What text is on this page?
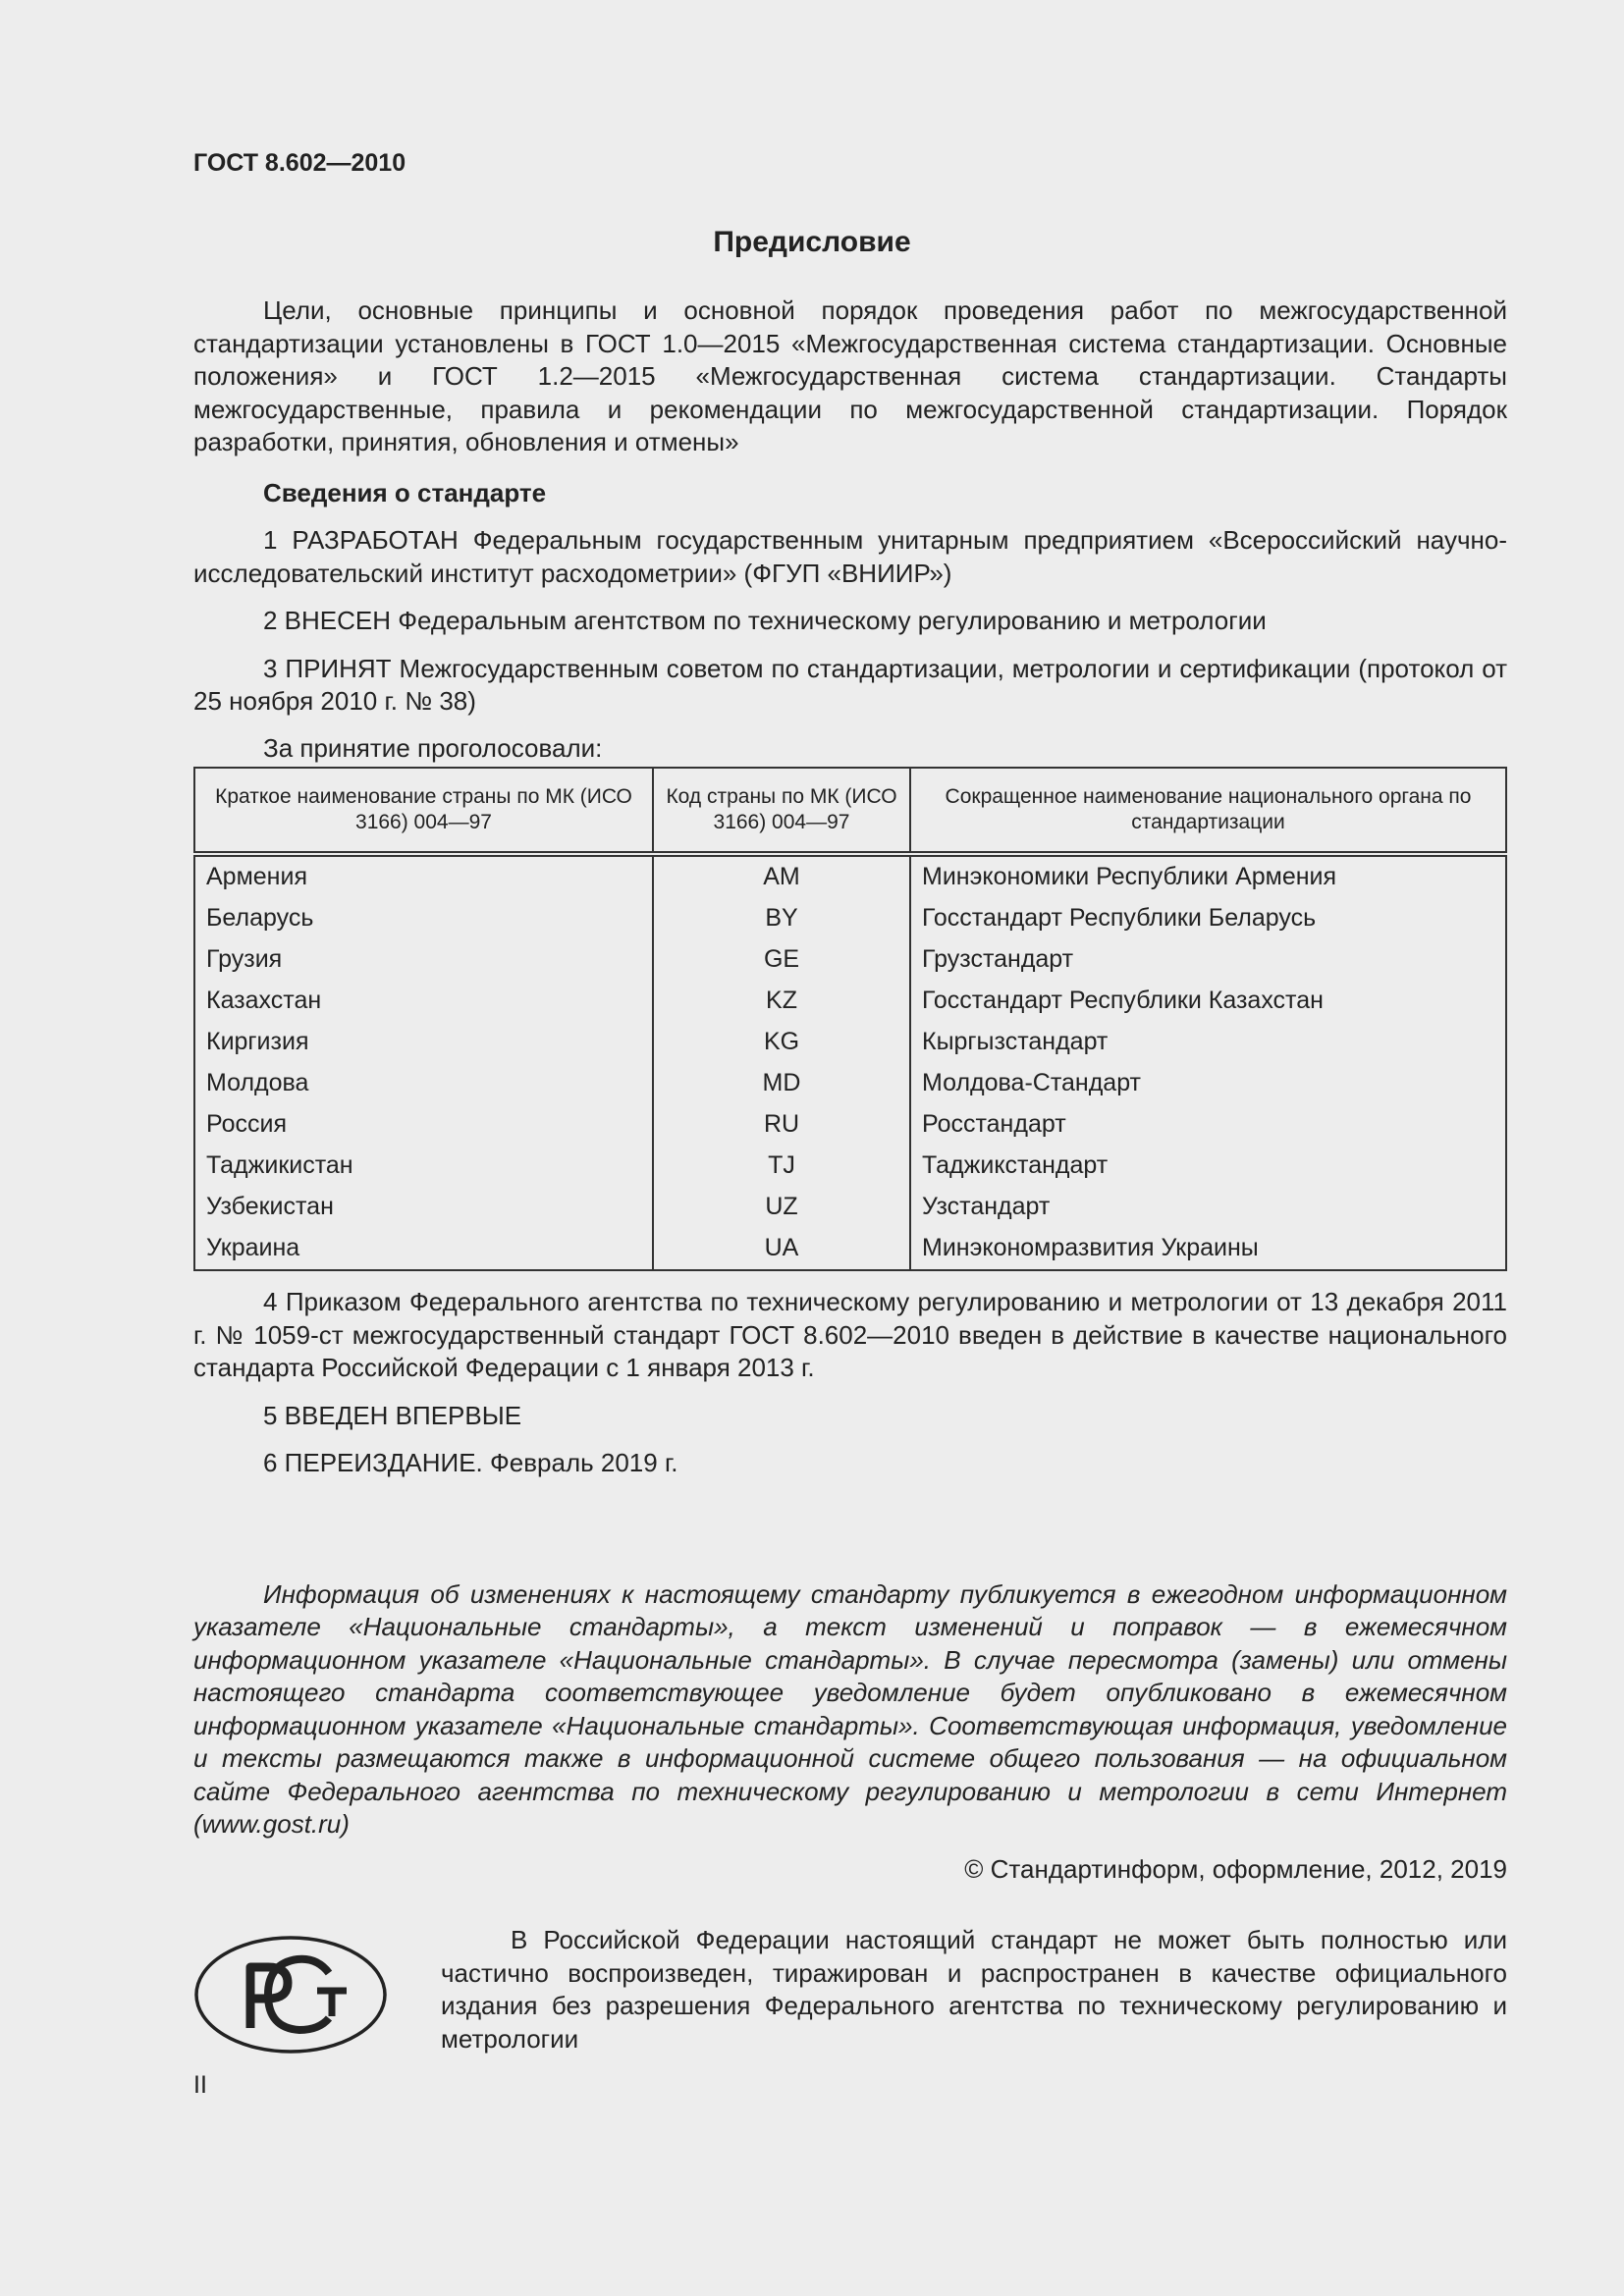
ГОСТ 8.602—2010
Предисловие

Цели, основные принципы и основной порядок проведения работ по межгосударственной стандартизации установлены в ГОСТ 1.0—2015 «Межгосударственная система стандартизации. Основные положения» и ГОСТ 1.2—2015 «Межгосударственная система стандартизации. Стандарты межгосударственные, правила и рекомендации по межгосударственной стандартизации. Порядок разработки, принятия, обновления и отмены»

Сведения о стандарте

1 РАЗРАБОТАН Федеральным государственным унитарным предприятием «Всероссийский научно-исследовательский институт расходометрии» (ФГУП «ВНИИР»)

2 ВНЕСЕН Федеральным агентством по техническому регулированию и метрологии

3 ПРИНЯТ Межгосударственным советом по стандартизации, метрологии и сертификации (протокол от 25 ноября 2010 г. № 38)

За принятие проголосовали:

Краткое наименование страны по МК (ИСО 3166) 004—97	Код страны по МК (ИСО 3166) 004—97	Сокращенное наименование национального органа по стандартизации
Армения	AM	Минэкономики Республики Армения
Беларусь	BY	Госстандарт Республики Беларусь
Грузия	GE	Грузстандарт
Казахстан	KZ	Госстандарт Республики Казахстан
Киргизия	KG	Кыргызстандарт
Молдова	MD	Молдова-Стандарт
Россия	RU	Росстандарт
Таджикистан	TJ	Таджикстандарт
Узбекистан	UZ	Узстандарт
Украина	UA	Минэкономразвития Украины

4 Приказом Федерального агентства по техническому регулированию и метрологии от 13 декабря 2011 г. № 1059-ст межгосударственный стандарт ГОСТ 8.602—2010 введен в действие в качестве национального стандарта Российской Федерации с 1 января 2013 г.

5 ВВЕДЕН ВПЕРВЫЕ

6 ПЕРЕИЗДАНИЕ. Февраль 2019 г.

Информация об изменениях к настоящему стандарту публикуется в ежегодном информационном указателе «Национальные стандарты», а текст изменений и поправок — в ежемесячном информационном указателе «Национальные стандарты». В случае пересмотра (замены) или отмены настоящего стандарта соответствующее уведомление будет опубликовано в ежемесячном информационном указателе «Национальные стандарты». Соответствующая информация, уведомление и тексты размещаются также в информационной системе общего пользования — на официальном сайте Федерального агентства по техническому регулированию и метрологии в сети Интернет (www.gost.ru)

© Стандартинформ, оформление, 2012, 2019

В Российской Федерации настоящий стандарт не может быть полностью или частично воспроизведен, тиражирован и распространен в качестве официального издания без разрешения Федерального агентства по техническому регулированию и метрологии

II
